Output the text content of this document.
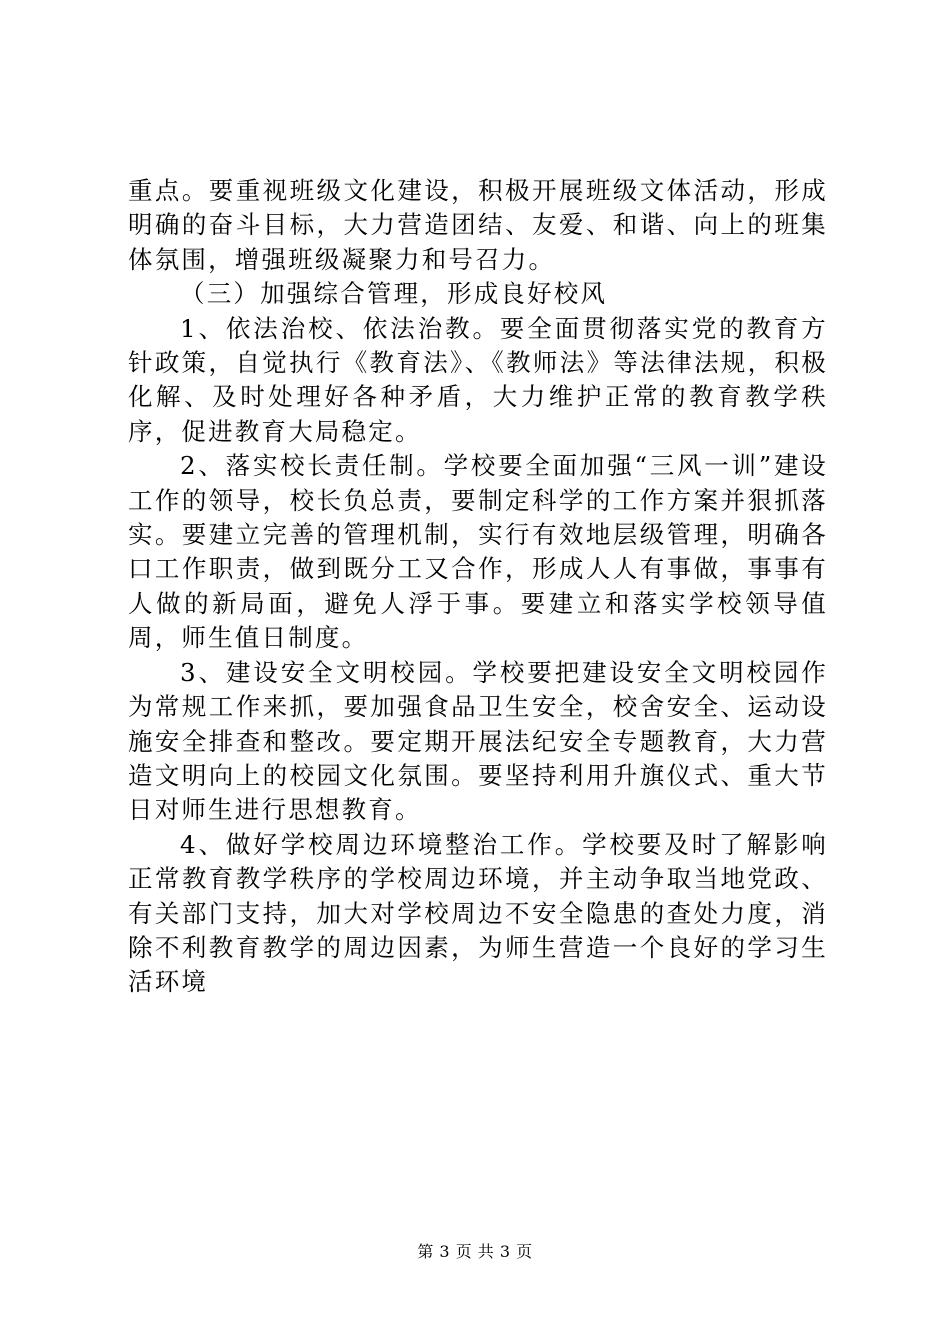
重点。要重视班级文化建设，积极开展班级文体活动，形成明确的奋斗目标，大力营造团结、友爱、和谐、向上的班集体氛围，增强班级凝聚力和号召力。

（三）加强综合管理，形成良好校风

1、依法治校、依法治教。要全面贯彻落实党的教育方针政策，自觉执行《教育法》、《教师法》等法律法规，积极化解、及时处理好各种矛盾，大力维护正常的教育教学秩序，促进教育大局稳定。

2、落实校长责任制。学校要全面加强“三风一训”建设工作的领导，校长负总责，要制定科学的工作方案并狠抓落实。要建立完善的管理机制，实行有效地层级管理，明确各口工作职责，做到既分工又合作，形成人人有事做，事事有人做的新局面，避免人浮于事。要建立和落实学校领导值周，师生值日制度。

3、建设安全文明校园。学校要把建设安全文明校园作为常规工作来抓，要加强食品卫生安全，校舍安全、运动设施安全排查和整改。要定期开展法纪安全专题教育，大力营造文明向上的校园文化氛围。要坚持利用升旗仪式、重大节日对师生进行思想教育。

4、做好学校周边环境整治工作。学校要及时了解影响正常教育教学秩序的学校周边环境，并主动争取当地党政、有关部门支持，加大对学校周边不安全隐患的查处力度，消除不利教育教学的周边因素，为师生营造一个良好的学习生活环境

第 3 页 共 3 页
